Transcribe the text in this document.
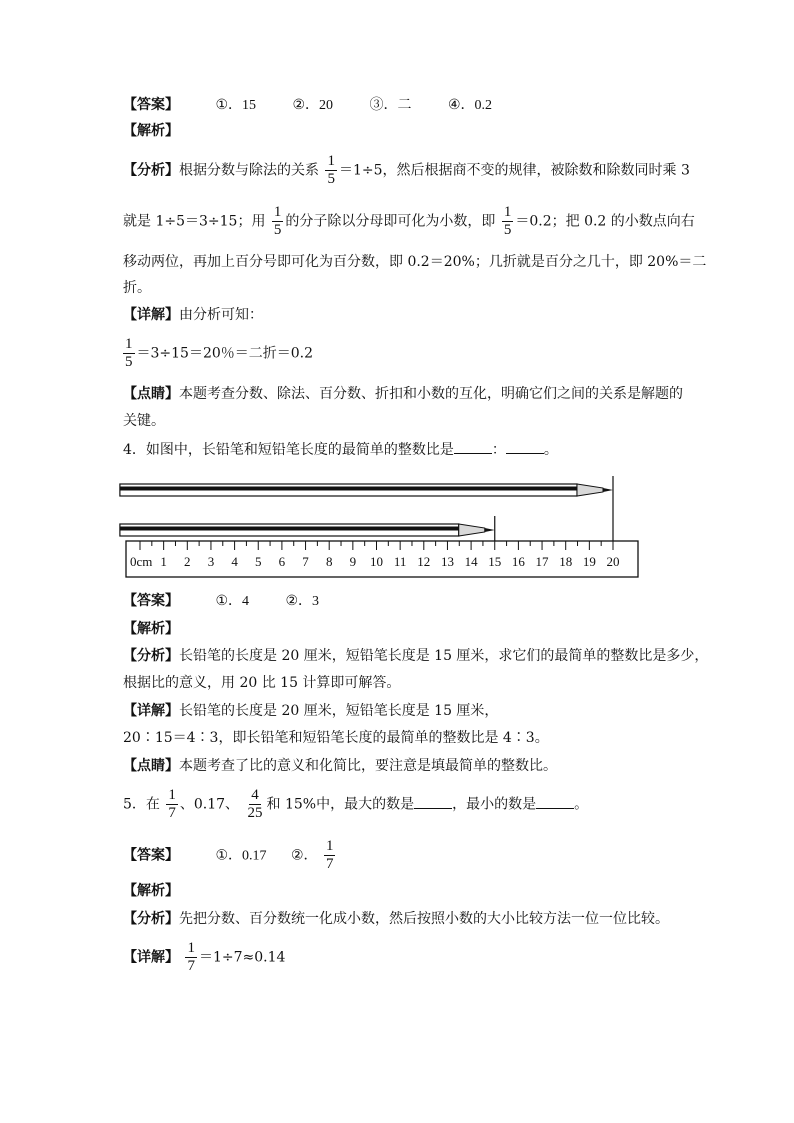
【答案】	①．15	②．20	③．二	④．0.2
【解析】
【分析】根据分数与除法的关系 $\frac{1}{5} =1\div 5$，然后根据商不变的规律，被除数和除数同时乘 3
就是 1÷5＝3÷15；用 $\frac{1}{5}$ 的分子除以分母即可化为小数，即 $\frac{1}{5} =0.2$；把 0.2 的小数点向右
移动两位，再加上百分号即可化为百分数，即 0.2＝20%；几折就是百分之几十，即 20%＝二
折。
【详解】由分析可知：
$\frac{1}{5} =3\div 15=20$％＝二折＝0.2
【点睛】本题考查分数、除法、百分数、折扣和小数的互化，明确它们之间的关系是解题的
关键。
4．如图中，长铅笔和短铅笔长度的最简单的整数比是	：	。
0cm 1 2 3 4 5 6 7 8 9 10 11 12 13 14 15 16 17 18 19 20
【答案】	①．4	②．3
【解析】
【分析】长铅笔的长度是 20 厘米，短铅笔长度是 15 厘米，求它们的最简单的整数比是多少，
根据比的意义，用 20 比 15 计算即可解答。
【详解】长铅笔的长度是 20 厘米，短铅笔长度是 15 厘米，
20∶15＝4∶3，即长铅笔和短铅笔长度的最简单的整数比是 4∶3。
【点睛】本题考查了比的意义和化简比，要注意是填最简单的整数比。
5．在 $\frac{1}{7}$ 、0.17、 $\frac{4}{25}$ 和 15%中，最大的数是	，最小的数是	。
【答案】	①．0.17 ②． $\frac{1}{7}$
【解析】
【分析】先把分数、百分数统一化成小数，然后按照小数的大小比较方法一位一位比较。
【详解】 $\frac{1}{7} =1\div 7\approx 0.14$
